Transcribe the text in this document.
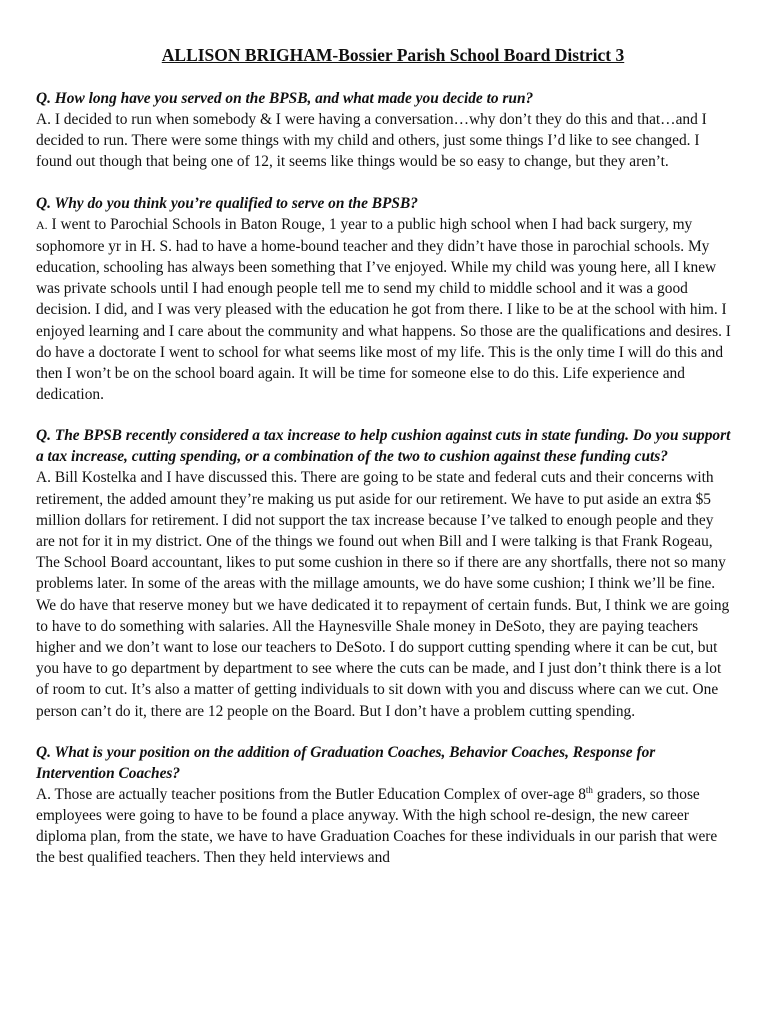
ALLISON BRIGHAM-Bossier Parish School Board District 3

Q. How long have you served on the BPSB, and what made you decide to run?

A. I decided to run when somebody & I were having a conversation…why don’t they do this and that…and I decided to run. There were some things with my child and others, just some things I’d like to see changed. I found out though that being one of 12, it seems like things would be so easy to change, but they aren’t.

Q. Why do you think you’re qualified to serve on the BPSB?

A. I went to Parochial Schools in Baton Rouge, 1 year to a public high school when I had back surgery, my sophomore yr in H. S. had to have a home-bound teacher and they didn’t have those in parochial schools. My education, schooling has always been something that I’ve enjoyed. While my child was young here, all I knew was private schools until I had enough people tell me to send my child to middle school and it was a good decision. I did, and I was very pleased with the education he got from there. I like to be at the school with him. I enjoyed learning and I care about the community and what happens. So those are the qualifications and desires. I do have a doctorate I went to school for what seems like most of my life. This is the only time I will do this and then I won’t be on the school board again. It will be time for someone else to do this. Life experience and dedication.

Q. The BPSB recently considered a tax increase to help cushion against cuts in state funding. Do you support a tax increase, cutting spending, or a combination of the two to cushion against these funding cuts?

A. Bill Kostelka and I have discussed this. There are going to be state and federal cuts and their concerns with retirement, the added amount they’re making us put aside for our retirement. We have to put aside an extra $5 million dollars for retirement. I did not support the tax increase because I’ve talked to enough people and they are not for it in my district. One of the things we found out when Bill and I were talking is that Frank Rogeau, The School Board accountant, likes to put some cushion in there so if there are any shortfalls, there not so many problems later. In some of the areas with the millage amounts, we do have some cushion; I think we’ll be fine. We do have that reserve money but we have dedicated it to repayment of certain funds. But, I think we are going to have to do something with salaries. All the Haynesville Shale money in DeSoto, they are paying teachers higher and we don’t want to lose our teachers to DeSoto. I do support cutting spending where it can be cut, but you have to go department by department to see where the cuts can be made, and I just don’t think there is a lot of room to cut. It’s also a matter of getting individuals to sit down with you and discuss where can we cut. One person can’t do it, there are 12 people on the Board. But I don’t have a problem cutting spending.

Q. What is your position on the addition of Graduation Coaches, Behavior Coaches, Response for Intervention Coaches?

A. Those are actually teacher positions from the Butler Education Complex of over-age 8th graders, so those employees were going to have to be found a place anyway. With the high school re-design, the new career diploma plan, from the state, we have to have Graduation Coaches for these individuals in our parish that were the best qualified teachers. Then they held interviews and
